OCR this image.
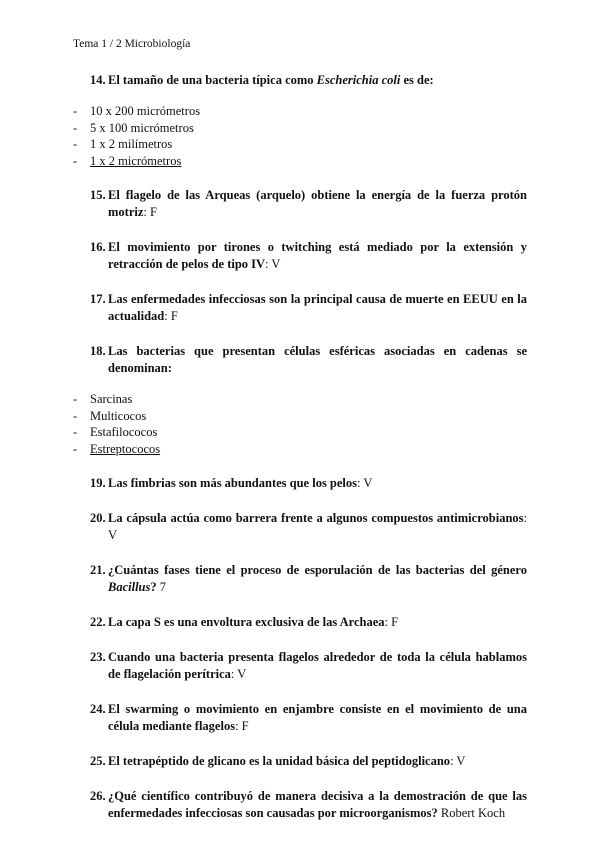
Tema 1 / 2 Microbiología
14. El tamaño de una bacteria típica como Escherichia coli es de:
-	10 x 200 micrómetros
-	5 x 100 micrómetros
-	1 x 2 milímetros
-	1 x 2 micrómetros
15. El flagelo de las Arqueas (arquelo) obtiene la energía de la fuerza protón motriz: F
16. El movimiento por tirones o twitching está mediado por la extensión y retracción de pelos de tipo IV: V
17. Las enfermedades infecciosas son la principal causa de muerte en EEUU en la actualidad: F
18. Las bacterias que presentan células esféricas asociadas en cadenas se denominan:
-	Sarcinas
-	Multicocos
-	Estafilococos
-	Estreptococos
19. Las fimbrias son más abundantes que los pelos: V
20. La cápsula actúa como barrera frente a algunos compuestos antimicrobianos: V
21. ¿Cuántas fases tiene el proceso de esporulación de las bacterias del género Bacillus? 7
22. La capa S es una envoltura exclusiva de las Archaea: F
23. Cuando una bacteria presenta flagelos alrededor de toda la célula hablamos de flagelación perítrica: V
24. El swarming o movimiento en enjambre consiste en el movimiento de una célula mediante flagelos: F
25. El tetrapéptido de glicano es la unidad básica del peptidoglicano: V
26. ¿Qué científico contribuyó de manera decisiva a la demostración de que las enfermedades infecciosas son causadas por microorganismos? Robert Koch
